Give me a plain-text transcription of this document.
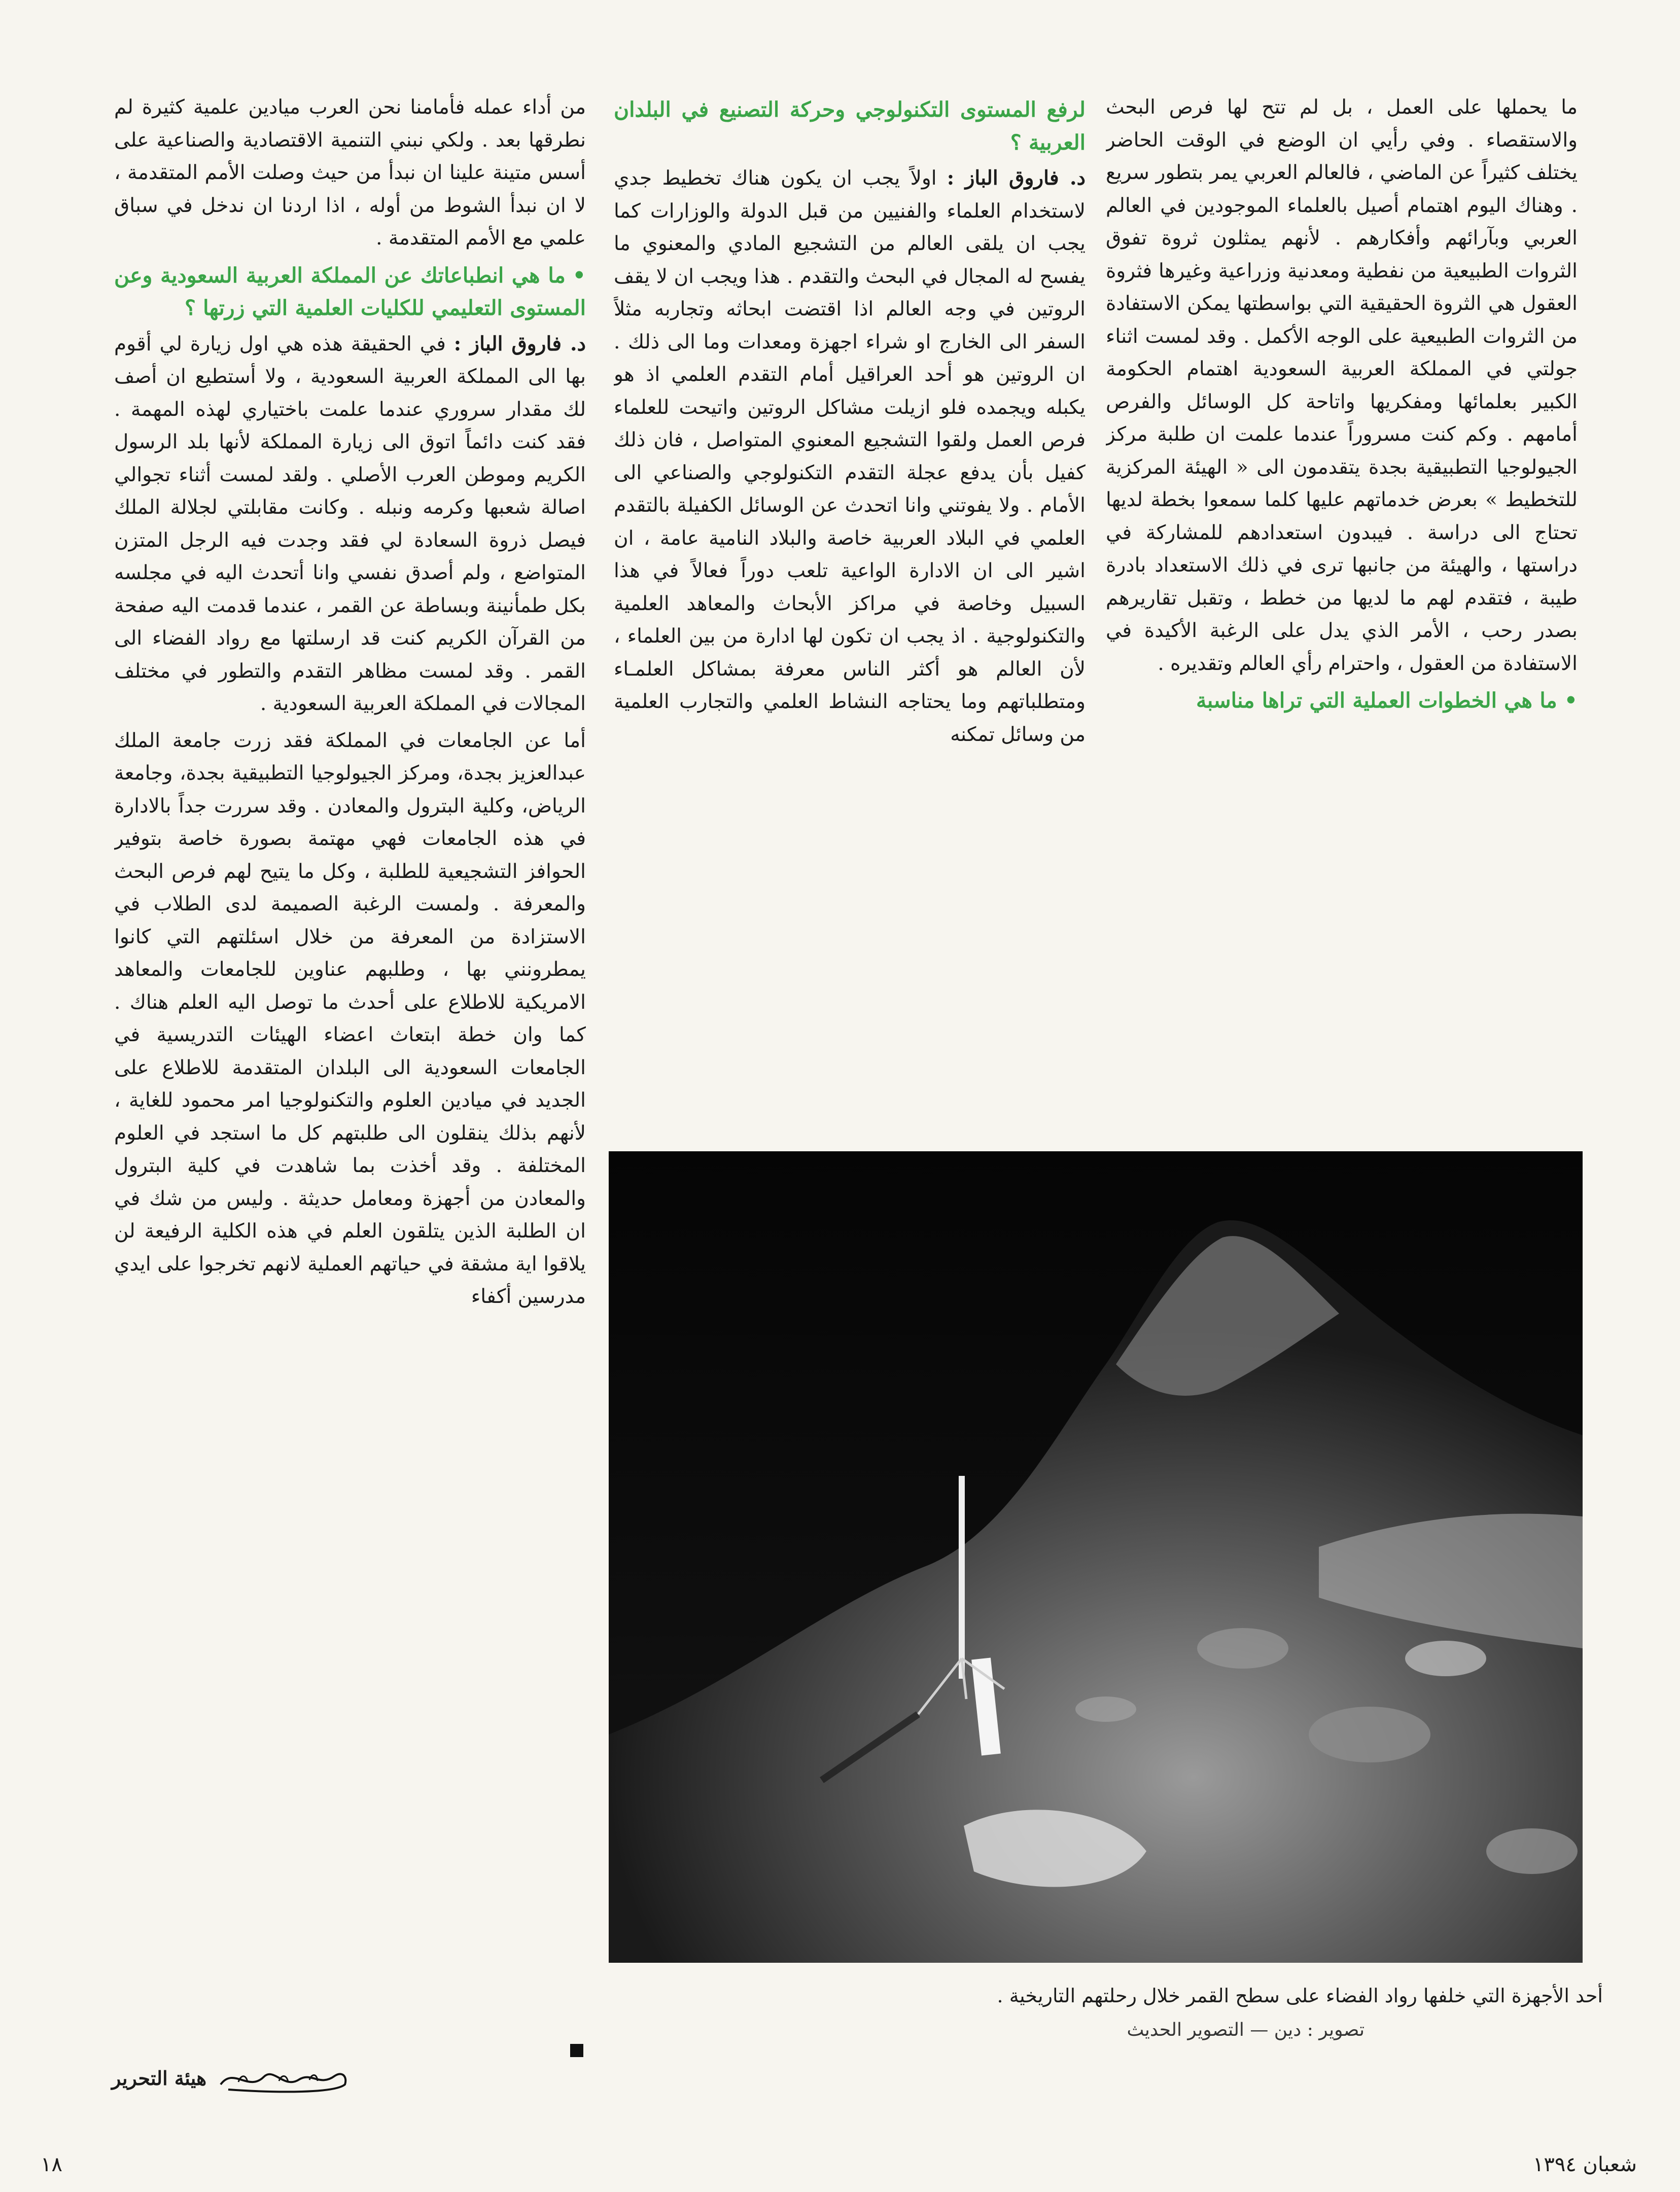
ما يحملها على العمل ، بل لم تتح لها فرص البحث والاستقصاء . وفي رأيي ان الوضع في الوقت الحاضر يختلف كثيراً عن الماضي ، فالعالم العربي يمر بتطور سريع . وهناك اليوم اهتمام أصيل بالعلماء الموجودين في العالم العربي وبآرائهم وأفكارهم . لأنهم يمثلون ثروة تفوق الثروات الطبيعية من نفطية ومعدنية وزراعية وغيرها فثروة العقول هي الثروة الحقيقية التي بواسطتها يمكن الاستفادة من الثروات الطبيعية على الوجه الأكمل . وقد لمست اثناء جولتي في المملكة العربية السعودية اهتمام الحكومة الكبير بعلمائها ومفكريها واتاحة كل الوسائل والفرص أمامهم . وكم كنت مسروراً عندما علمت ان طلبة مركز الجيولوجيا التطبيقية بجدة يتقدمون الى « الهيئة المركزية للتخطيط » بعرض خدماتهم عليها كلما سمعوا بخطة لديها تحتاج الى دراسة . فيبدون استعدادهم للمشاركة في دراستها ، والهيئة من جانبها ترى في ذلك الاستعداد بادرة طيبة ، فتقدم لهم ما لديها من خطط ، وتقبل تقاريرهم بصدر رحب ، الأمر الذي يدل على الرغبة الأكيدة في الاستفادة من العقول ، واحترام رأي العالم وتقديره .

•ما هي الخطوات العملية التي تراها مناسبة
لرفع المستوى التكنولوجي وحركة التصنيع في البلدان العربية ؟

د. فاروق الباز : اولاً يجب ان يكون هناك تخطيط جدي لاستخدام العلماء والفنيين من قبل الدولة والوزارات كما يجب ان يلقى العالم من التشجيع المادي والمعنوي ما يفسح له المجال في البحث والتقدم . هذا ويجب ان لا يقف الروتين في وجه العالم اذا اقتضت ابحاثه وتجاربه مثلاً السفر الى الخارج او شراء اجهزة ومعدات وما الى ذلك . ان الروتين هو أحد العراقيل أمام التقدم العلمي اذ هو يكبله ويجمده فلو ازيلت مشاكل الروتين واتيحت للعلماء فرص العمل ولقوا التشجيع المعنوي المتواصل ، فان ذلك كفيل بأن يدفع عجلة التقدم التكنولوجي والصناعي الى الأمام . ولا يفوتني وانا اتحدث عن الوسائل الكفيلة بالتقدم العلمي في البلاد العربية خاصة والبلاد النامية عامة ، ان اشير الى ان الادارة الواعية تلعب دوراً فعالاً في هذا السبيل وخاصة في مراكز الأبحاث والمعاهد العلمية والتكنولوجية . اذ يجب ان تكون لها ادارة من بين العلماء ، لأن العالم هو أكثر الناس معرفة بمشاكل العلمـاء ومتطلباتهم وما يحتاجه النشاط العلمي والتجارب العلمية من وسائل تمكنه

من أداء عمله فأمامنا نحن العرب ميادين علمية كثيرة لم نطرقها بعد . ولكي نبني التنمية الاقتصادية والصناعية على أسس متينة علينا ان نبدأ من حيث وصلت الأمم المتقدمة ، لا ان نبدأ الشوط من أوله ، اذا اردنا ان ندخل في سباق علمي مع الأمم المتقدمة .

•ما هي انطباعاتك عن المملكة العربية السعودية وعن المستوى التعليمي للكليات العلمية التي زرتها ؟

د. فاروق الباز : في الحقيقة هذه هي اول زيارة لي أقوم بها الى المملكة العربية السعودية ، ولا أستطيع ان أصف لك مقدار سروري عندما علمت باختياري لهذه المهمة . فقد كنت دائماً اتوق الى زيارة المملكة لأنها بلد الرسول الكريم وموطن العرب الأصلي . ولقد لمست أثناء تجوالي اصالة شعبها وكرمه ونبله . وكانت مقابلتي لجلالة الملك فيصل ذروة السعادة لي فقد وجدت فيه الرجل المتزن المتواضع ، ولم أصدق نفسي وانا أتحدث اليه في مجلسه بكل طمأنينة وبساطة عن القمر ، عندما قدمت اليه صفحة من القرآن الكريم كنت قد ارسلتها مع رواد الفضاء الى القمر . وقد لمست مظاهر التقدم والتطور في مختلف المجالات في المملكة العربية السعودية .

أما عن الجامعات في المملكة فقد زرت جامعة الملك عبدالعزيز بجدة، ومركز الجيولوجيا التطبيقية بجدة، وجامعة الرياض، وكلية البترول والمعادن . وقد سررت جداً بالادارة في هذه الجامعات فهي مهتمة بصورة خاصة بتوفير الحوافز التشجيعية للطلبة ، وكل ما يتيح لهم فرص البحث والمعرفة . ولمست الرغبة الصميمة لدى الطلاب في الاستزادة من المعرفة من خلال اسئلتهم التي كانوا يمطرونني بها ، وطلبهم عناوين للجامعات والمعاهد الامريكية للاطلاع على أحدث ما توصل اليه العلم هناك . كما وان خطة ابتعاث اعضاء الهيئات التدريسية في الجامعات السعودية الى البلدان المتقدمة للاطلاع على الجديد في ميادين العلوم والتكنولوجيا امر محمود للغاية ، لأنهم بذلك ينقلون الى طلبتهم كل ما استجد في العلوم المختلفة . وقد أخذت بما شاهدت في كلية البترول والمعادن من أجهزة ومعامل حديثة . وليس من شك في ان الطلبة الذين يتلقون العلم في هذه الكلية الرفيعة لن يلاقوا اية مشقة في حياتهم العملية لانهم تخرجوا على ايدي مدرسين أكفاء

أحد الأجهزة التي خلفها رواد الفضاء على سطح القمر خلال رحلتهم التاريخية .
تصوير : دين — التصوير الحديث
هيئة التحرير
١٨	شعبان ١٣٩٤
